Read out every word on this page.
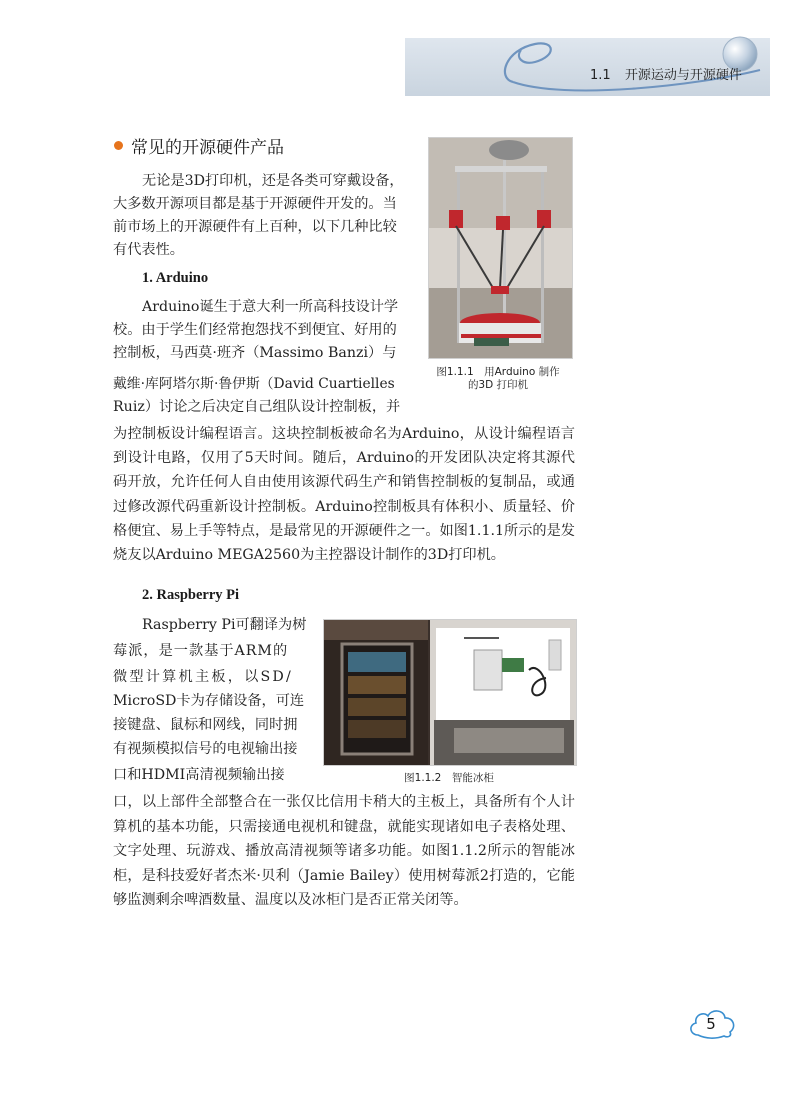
1.1 开源运动与开源硬件
常见的开源硬件产品
无论是3D打印机，还是各类可穿戴设备，
大多数开源项目都是基于开源硬件开发的。当
前市场上的开源硬件有上百种，以下几种比较
有代表性。
1. Arduino
Arduino诞生于意大利一所高科技设计学
校。由于学生们经常抱怨找不到便宜、好用的
控制板，马西莫·班齐（Massimo Banzi）与
戴维·库阿塔尔斯·鲁伊斯（David Cuartielles
Ruiz）讨论之后决定自己组队设计控制板，并

为控制板设计编程语言。这块控制板被命名为Arduino，从设计编程语言到设计电路，仅用了5天时间。随后，Arduino的开发团队决定将其源代码开放，允许任何人自由使用该源代码生产和销售控制板的复制品，或通过修改源代码重新设计控制板。Arduino控制板具有体积小、质量轻、价格便宜、易上手等特点，是最常见的开源硬件之一。如图1.1.1所示的是发烧友以Arduino MEGA2560为主控器设计制作的3D打印机。

图1.1.1　用Arduino 制作
的3D 打印机
2. Raspberry Pi
Raspberry Pi可翻译为树
莓派，是一款基于ARM的
微型计算机主板，以SD/
MicroSD卡为存储设备，可连
接键盘、鼠标和网线，同时拥
有视频模拟信号的电视输出接
口和HDMI高清视频输出接

口，以上部件全部整合在一张仅比信用卡稍大的主板上，具备所有个人计算机的基本功能，只需接通电视机和键盘，就能实现诸如电子表格处理、文字处理、玩游戏、播放高清视频等诸多功能。如图1.1.2所示的智能冰柜，是科技爱好者杰米·贝利（Jamie Bailey）使用树莓派2打造的，它能够监测剩余啤酒数量、温度以及冰柜门是否正常关闭等。

图1.1.2　智能冰柜
5
